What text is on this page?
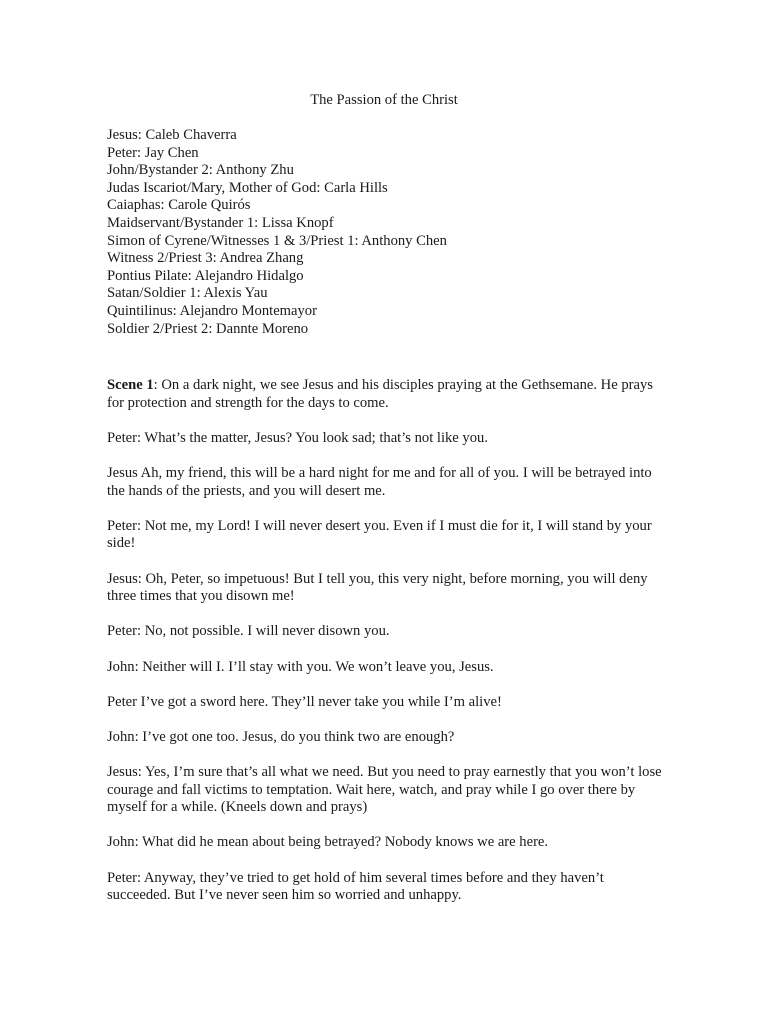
The Passion of the Christ
Jesus: Caleb Chaverra
Peter: Jay Chen
John/Bystander 2: Anthony Zhu
Judas Iscariot/Mary, Mother of God: Carla Hills
Caiaphas: Carole Quirós
Maidservant/Bystander 1: Lissa Knopf
Simon of Cyrene/Witnesses 1 & 3/Priest 1: Anthony Chen
Witness 2/Priest 3: Andrea Zhang
Pontius Pilate: Alejandro Hidalgo
Satan/Soldier 1: Alexis Yau
Quintilinus: Alejandro Montemayor
Soldier 2/Priest 2: Dannte Moreno

Scene 1: On a dark night, we see Jesus and his disciples praying at the Gethsemane. He prays for protection and strength for the days to come.

Peter: What’s the matter, Jesus? You look sad; that’s not like you.

Jesus Ah, my friend, this will be a hard night for me and for all of you. I will be betrayed into the hands of the priests, and you will desert me.

Peter: Not me, my Lord! I will never desert you. Even if I must die for it, I will stand by your side!

Jesus: Oh, Peter, so impetuous! But I tell you, this very night, before morning, you will deny three times that you disown me!

Peter: No, not possible. I will never disown you.

John: Neither will I. I’ll stay with you. We won’t leave you, Jesus.

Peter I’ve got a sword here. They’ll never take you while I’m alive!

John: I’ve got one too. Jesus, do you think two are enough?

Jesus: Yes, I’m sure that’s all what we need. But you need to pray earnestly that you won’t lose courage and fall victims to temptation. Wait here, watch, and pray while I go over there by myself for a while. (Kneels down and prays)

John: What did he mean about being betrayed? Nobody knows we are here.

Peter: Anyway, they’ve tried to get hold of him several times before and they haven’t succeeded. But I’ve never seen him so worried and unhappy.
